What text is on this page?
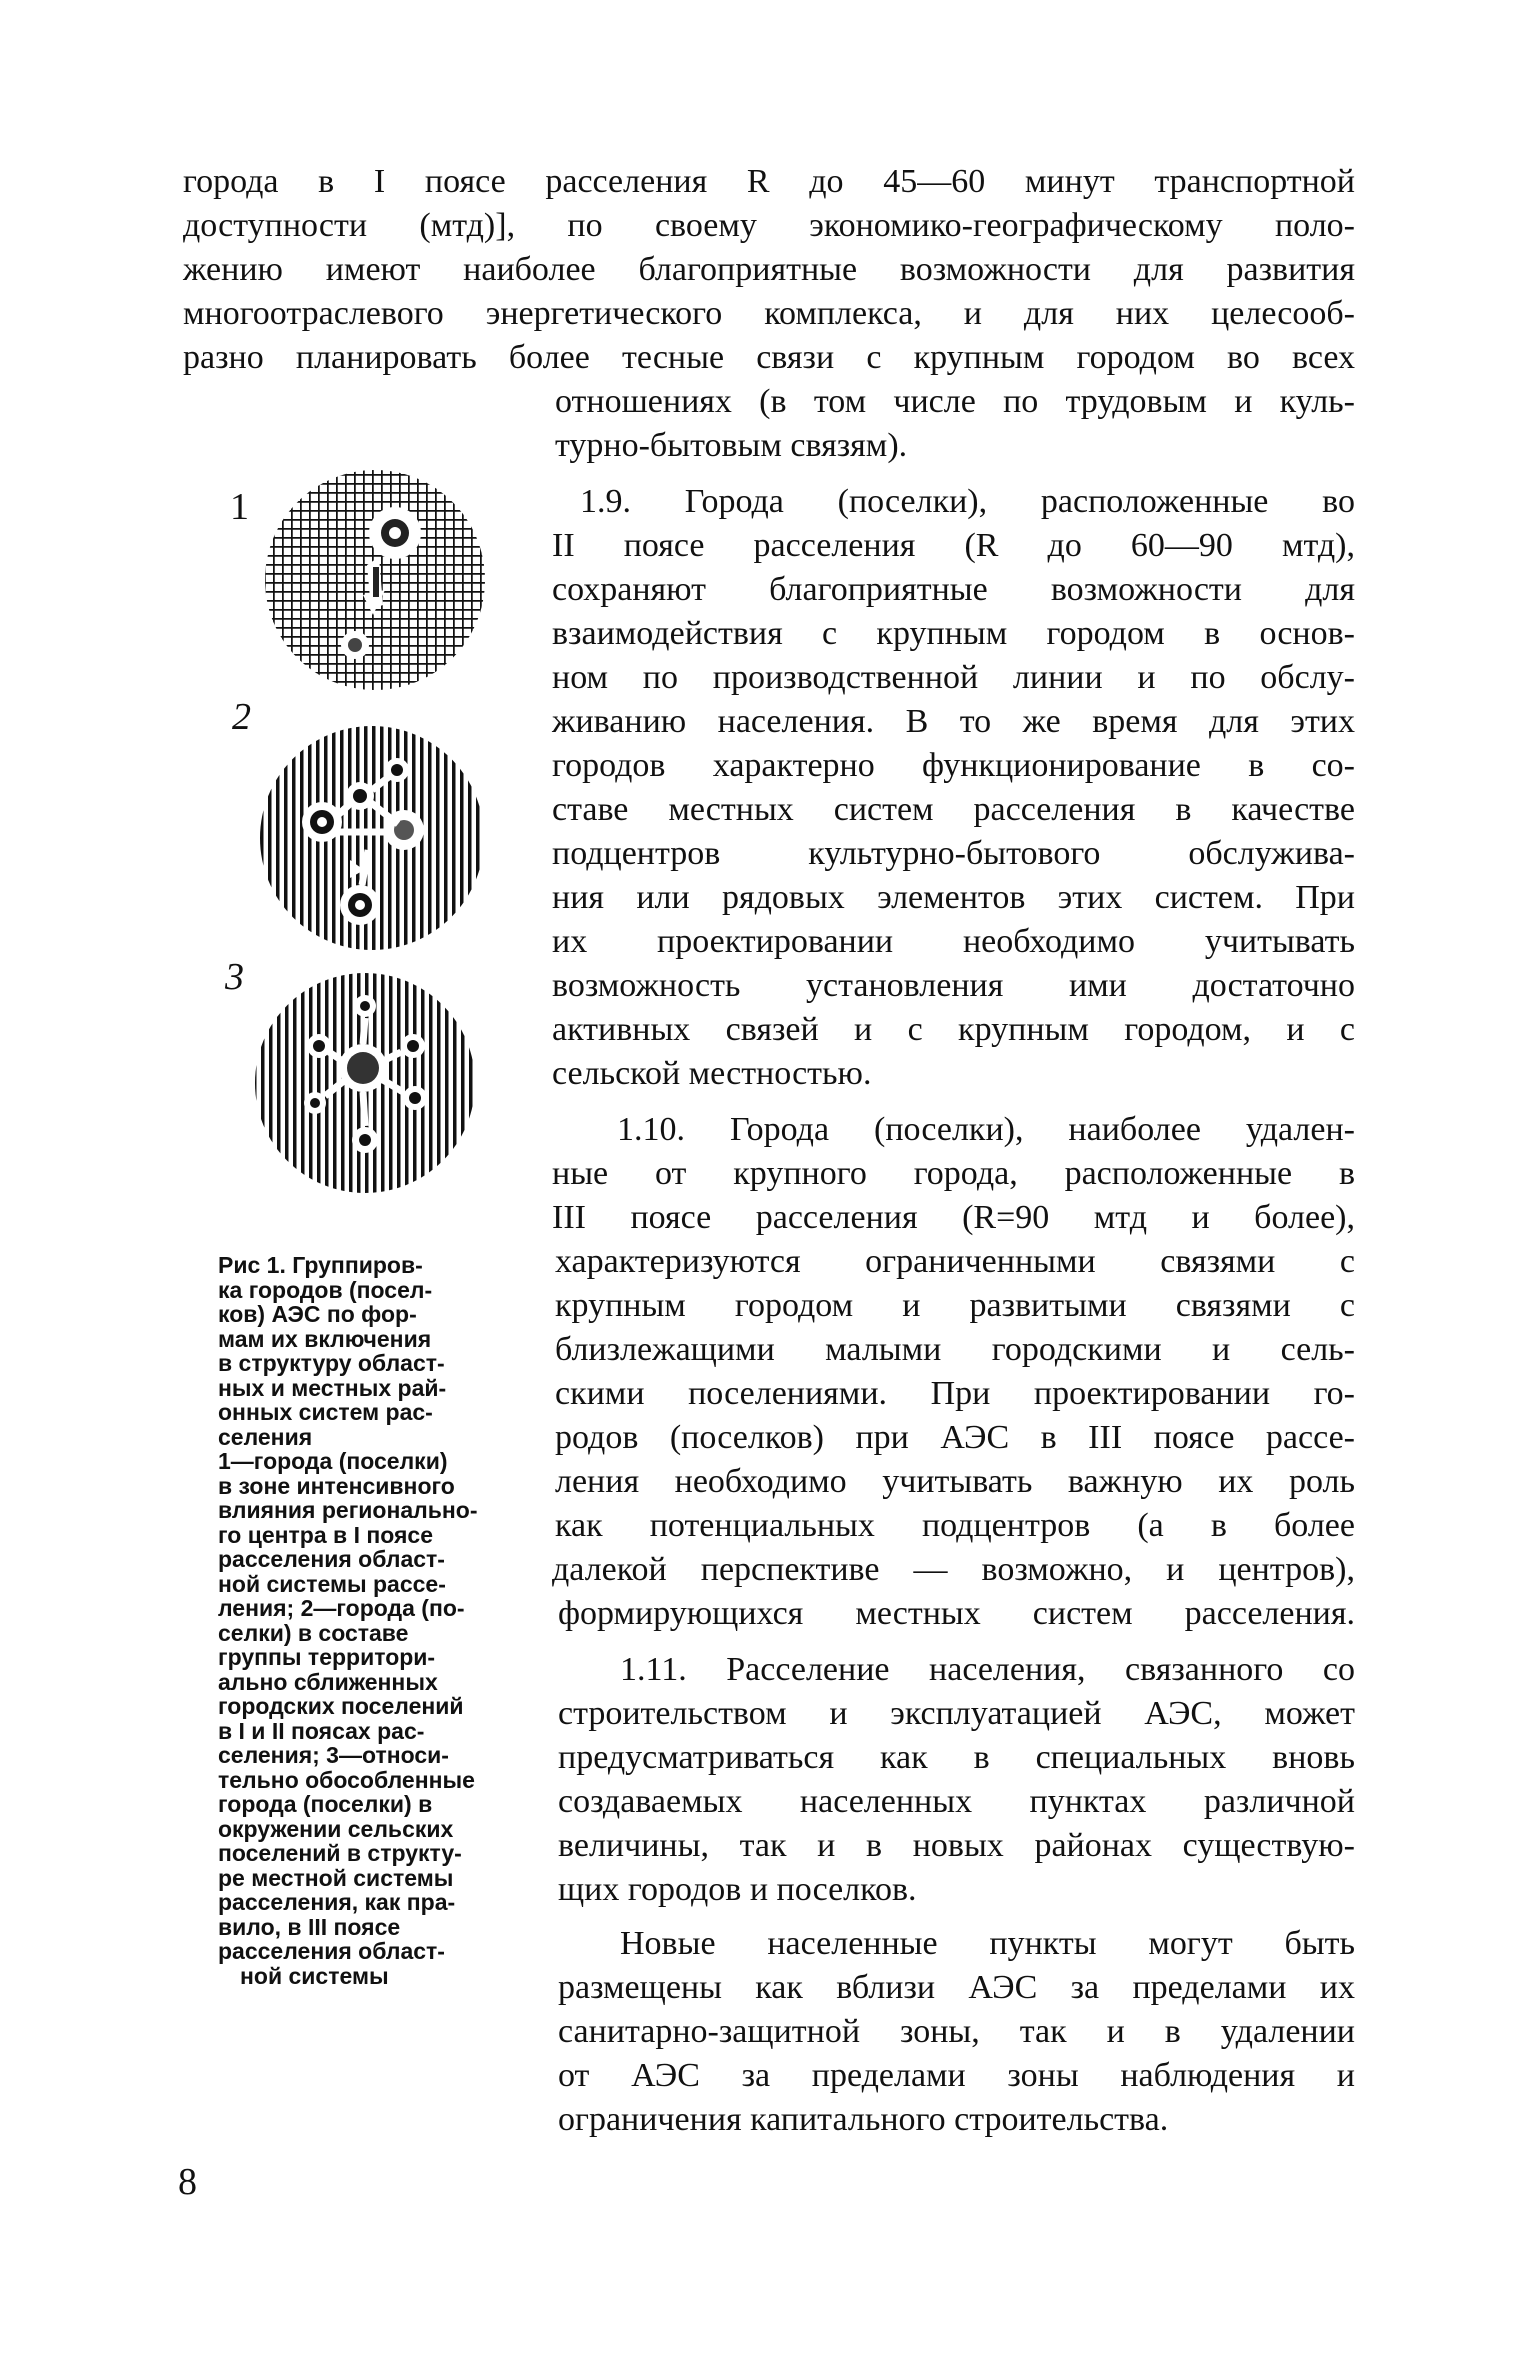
города в I поясе расселения R до 45—60 минут транспортной
доступности (мтд)], по своему экономико-географическому поло-
жению имеют наиболее благоприятные возможности для развития
многоотраслевого энергетического комплекса, и для них целесооб-
разно планировать более тесные связи с крупным городом во всех
отношениях (в том числе по трудовым и куль-
турно-бытовым связям).
1.9. Города (поселки), расположенные во
II поясе расселения (R до 60—90 мтд),
сохраняют благоприятные возможности для
взаимодействия с крупным городом в основ-
ном по производственной линии и по обслу-
живанию населения. В то же время для этих
городов характерно функционирование в со-
ставе местных систем расселения в качестве
подцентров культурно-бытового обслужива-
ния или рядовых элементов этих систем. При
их проектировании необходимо учитывать
возможность установления ими достаточно
активных связей и с крупным городом, и с
сельской местностью.
1.10. Города (поселки), наиболее удален-
ные от крупного города, расположенные в
III поясе расселения (R=90 мтд и более),
характеризуются ограниченными связями с
крупным городом и развитыми связями с
близлежащими малыми городскими и сель-
скими поселениями. При проектировании го-
родов (поселков) при АЭС в III поясе рассе-
ления необходимо учитывать важную их роль
как потенциальных подцентров (а в более
далекой перспективе — возможно, и центров),
формирующихся местных систем расселения.
1.11. Расселение населения, связанного со
строительством и эксплуатацией АЭС, может
предусматриваться как в специальных вновь
создаваемых населенных пунктах различной
величины, так и в новых районах существую-
щих городов и поселков.
Новые населенные пункты могут быть
размещены как вблизи АЭС за пределами их
санитарно-защитной зоны, так и в удалении
от АЭС за пределами зоны наблюдения и
ограничения капитального строительства.
1
2
3
Рис 1. Группиров-
ка городов (посел-
ков) АЭС по фор-
мам их включения
в структуру област‑
ных и местных рай-
онных систем рас-
селения
1—города (поселки)
в зоне интенсивного
влияния регионально-
го центра в I поясе
расселения област-
ной системы рассе-
ления; 2—города (по-
селки) в составе
группы территори-
ально сближенных
городских поселений
в I и II поясах рас-
селения; 3—относи-
тельно обособленные
города (поселки) в
окружении сельских
поселений в структу-
ре местной системы
расселения, как пра-
вило, в III поясе
расселения област-
ной системы
8
